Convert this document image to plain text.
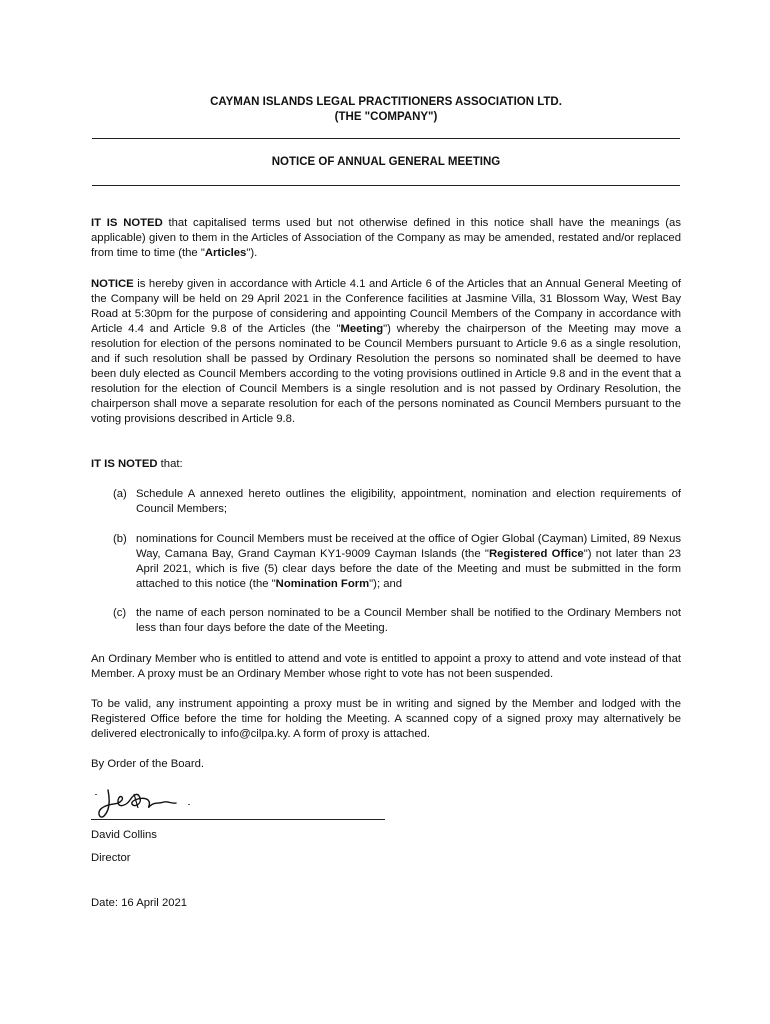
CAYMAN ISLANDS LEGAL PRACTITIONERS ASSOCIATION LTD.
(THE "COMPANY")
NOTICE OF ANNUAL GENERAL MEETING
IT IS NOTED that capitalised terms used but not otherwise defined in this notice shall have the meanings (as applicable) given to them in the Articles of Association of the Company as may be amended, restated and/or replaced from time to time (the "Articles").
NOTICE is hereby given in accordance with Article 4.1 and Article 6 of the Articles that an Annual General Meeting of the Company will be held on 29 April 2021 in the Conference facilities at Jasmine Villa, 31 Blossom Way, West Bay Road at 5:30pm for the purpose of considering and appointing Council Members of the Company in accordance with Article 4.4 and Article 9.8 of the Articles (the "Meeting") whereby the chairperson of the Meeting may move a resolution for election of the persons nominated to be Council Members pursuant to Article 9.6 as a single resolution, and if such resolution shall be passed by Ordinary Resolution the persons so nominated shall be deemed to have been duly elected as Council Members according to the voting provisions outlined in Article 9.8 and in the event that a resolution for the election of Council Members is a single resolution and is not passed by Ordinary Resolution, the chairperson shall move a separate resolution for each of the persons nominated as Council Members pursuant to the voting provisions described in Article 9.8.
IT IS NOTED that:
(a) Schedule A annexed hereto outlines the eligibility, appointment, nomination and election requirements of Council Members;
(b) nominations for Council Members must be received at the office of Ogier Global (Cayman) Limited, 89 Nexus Way, Camana Bay, Grand Cayman KY1-9009 Cayman Islands (the "Registered Office") not later than 23 April 2021, which is five (5) clear days before the date of the Meeting and must be submitted in the form attached to this notice (the "Nomination Form"); and
(c) the name of each person nominated to be a Council Member shall be notified to the Ordinary Members not less than four days before the date of the Meeting.
An Ordinary Member who is entitled to attend and vote is entitled to appoint a proxy to attend and vote instead of that Member. A proxy must be an Ordinary Member whose right to vote has not been suspended.
To be valid, any instrument appointing a proxy must be in writing and signed by the Member and lodged with the Registered Office before the time for holding the Meeting. A scanned copy of a signed proxy may alternatively be delivered electronically to info@cilpa.ky. A form of proxy is attached.
By Order of the Board.
David Collins
Director
Date: 16 April 2021
